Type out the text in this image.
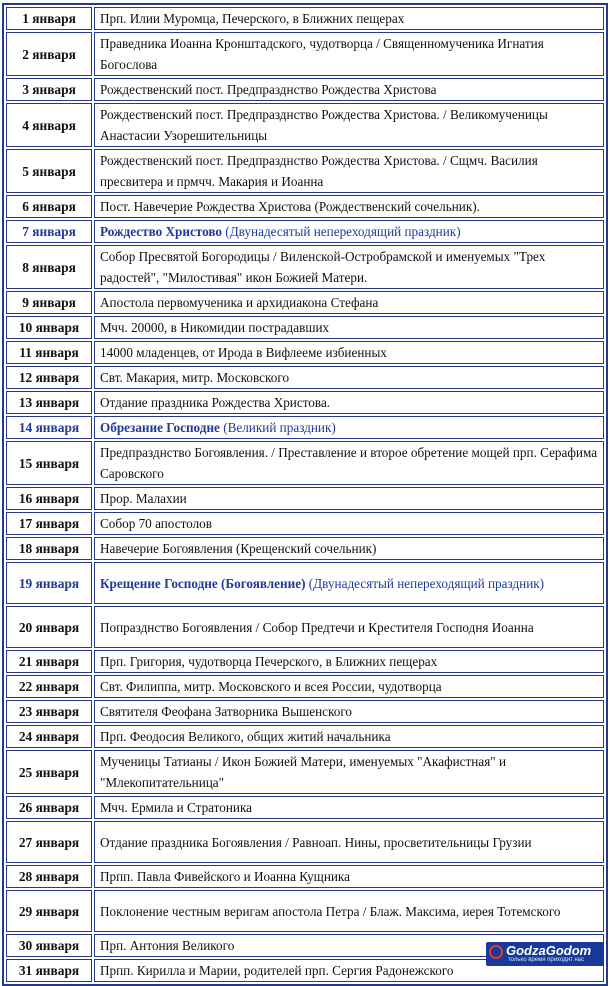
1 января	Прп. Илии Муромца, Печерского, в Ближних пещерах
2 января	Праведника Иоанна Кронштадского, чудотворца / Священномученика Игнатия Богослова
3 января	Рождественский пост. Предпразднство Рождества Христова
4 января	Рождественский пост. Предпразднство Рождества Христова. / Великомученицы Анастасии Узорешительницы
5 января	Рождественский пост. Предпразднство Рождества Христова. / Сщмч. Василия пресвитера и прмчч. Макария и Иоанна
6 января	Пост. Навечерие Рождества Христова (Рождественский сочельник).
7 января	Рождество Христово (Двунадесятый непереходящий праздник)
8 января	Собор Пресвятой Богородицы / Виленской-Остробрамской и именуемых "Трех радостей", "Милостивая" икон Божией Матери.
9 января	Апостола первомученика и архидиакона Стефана
10 января	Мчч. 20000, в Никомидии пострадавших
11 января	14000 младенцев, от Ирода в Вифлееме избиенных
12 января	Свт. Макария, митр. Московского
13 января	Отдание праздника Рождества Христова.
14 января	Обрезание Господне (Великий праздник)
15 января	Предпразднство Богоявления. / Преставление и второе обретение мощей прп. Серафима Саровского
16 января	Прор. Малахии
17 января	Собор 70 апостолов
18 января	Навечерие Богоявления (Крещенский сочельник)
19 января	Крещение Господне (Богоявление) (Двунадесятый непереходящий праздник)
20 января	Попразднство Богоявления / Собор Предтечи и Крестителя Господня Иоанна
21 января	Прп. Григория, чудотворца Печерского, в Ближних пещерах
22 января	Свт. Филиппа, митр. Московского и всея России, чудотворца
23 января	Святителя Феофана Затворника Вышенского
24 января	Прп. Феодосия Великого, общих житий начальника
25 января	Мученицы Татианы / Икон Божией Матери, именуемых "Акафистная" и "Млекопитательница"
26 января	Мчч. Ермила и Стратоника
27 января	Отдание праздника Богоявления / Равноап. Нины, просветительницы Грузии
28 января	Прпп. Павла Фивейского и Иоанна Кущника
29 января	Поклонение честным веригам апостола Петра / Блаж. Максима, иерея Тотемского
30 января	Прп. Антония Великого
31 января	Прпп. Кирилла и Марии, родителей прп. Сергия Радонежского
GodzaGodom
только время приходит нас
